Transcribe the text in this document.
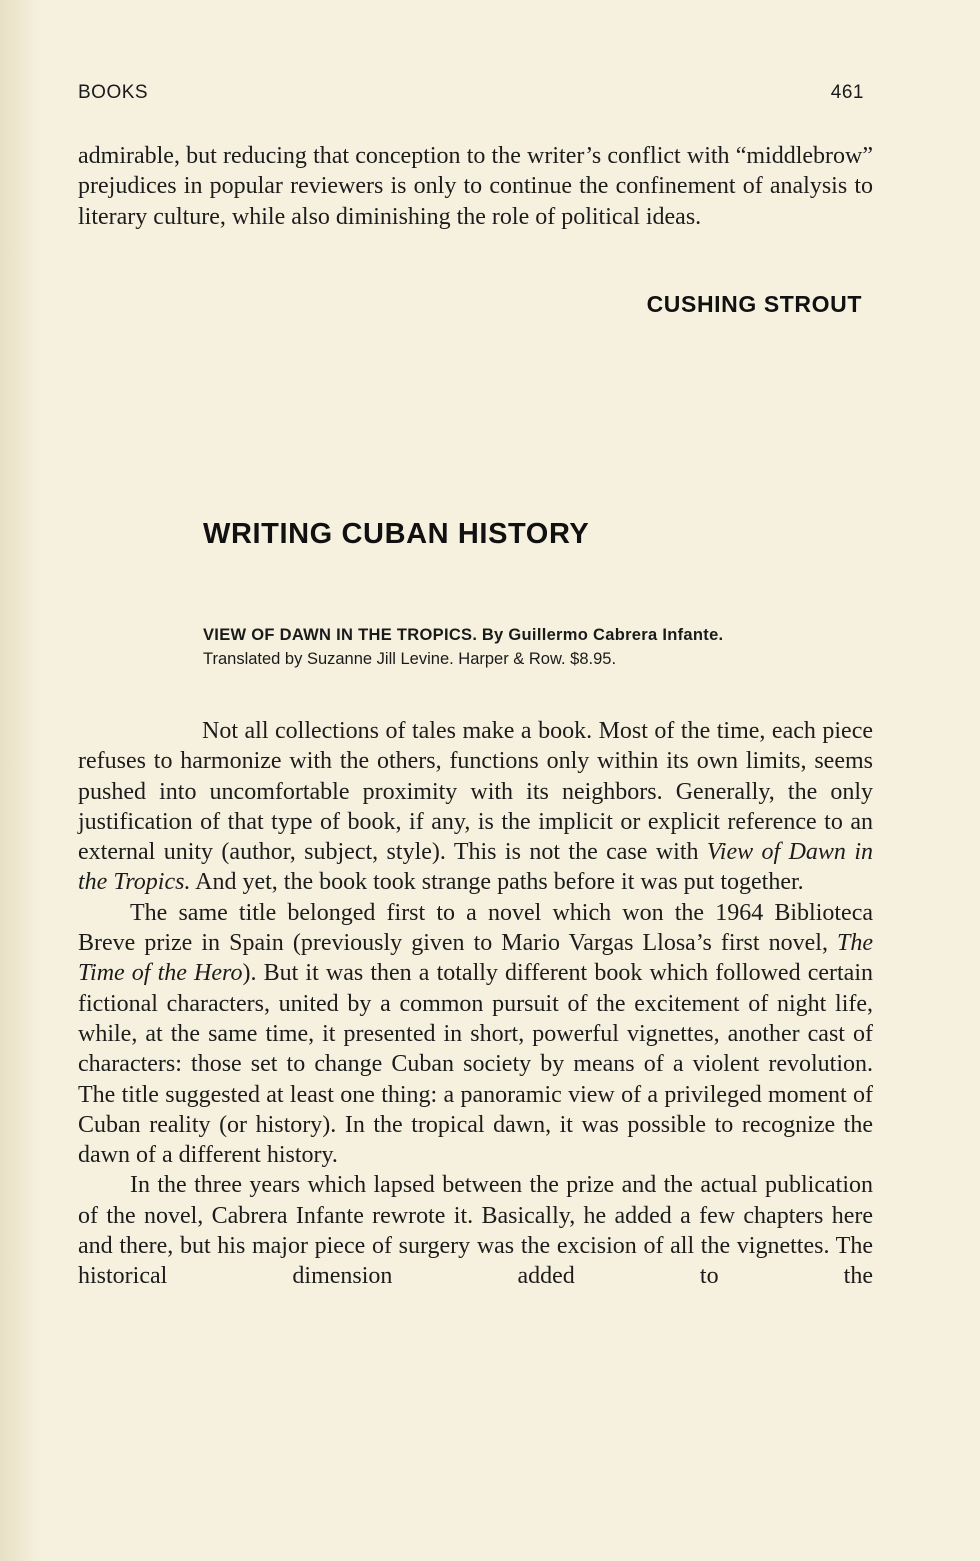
BOOKS	461

admirable, but reducing that conception to the writer’s conflict with “middlebrow” prejudices in popular reviewers is only to continue the confinement of analysis to literary culture, while also diminishing the role of political ideas.

CUSHING STROUT
WRITING CUBAN HISTORY
VIEW OF DAWN IN THE TROPICS. By Guillermo Cabrera Infante.
Translated by Suzanne Jill Levine. Harper & Row. $8.95.

Not all collections of tales make a book. Most of the time, each piece refuses to harmonize with the others, functions only within its own limits, seems pushed into uncomfortable proximity with its neighbors. Generally, the only justification of that type of book, if any, is the implicit or explicit reference to an external unity (author, subject, style). This is not the case with View of Dawn in the Tropics. And yet, the book took strange paths before it was put together.

The same title belonged first to a novel which won the 1964 Biblioteca Breve prize in Spain (previously given to Mario Vargas Llosa’s first novel, The Time of the Hero). But it was then a totally different book which followed certain fictional characters, united by a common pursuit of the excitement of night life, while, at the same time, it presented in short, powerful vignettes, another cast of characters: those set to change Cuban society by means of a violent revolution. The title suggested at least one thing: a panoramic view of a privileged moment of Cuban reality (or history). In the tropical dawn, it was possible to recognize the dawn of a different history.

In the three years which lapsed between the prize and the actual publication of the novel, Cabrera Infante rewrote it. Basically, he added a few chapters here and there, but his major piece of surgery was the excision of all the vignettes. The historical dimension added to the
